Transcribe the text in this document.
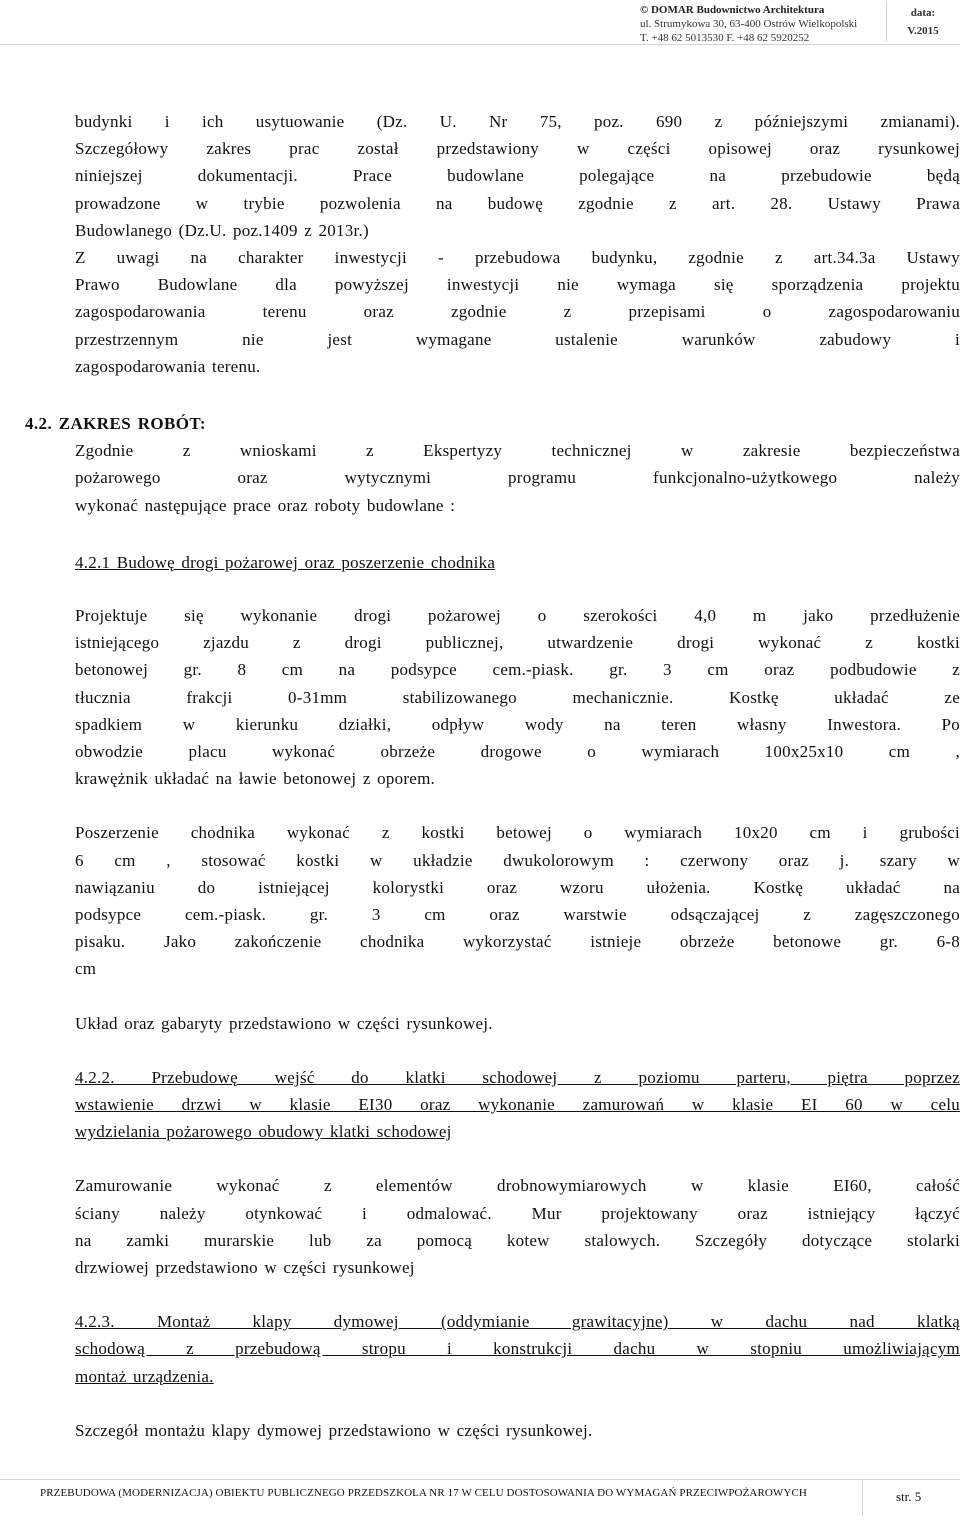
© DOMAR Budownictwo Architektura
ul. Strumykowa 30, 63-400 Ostrów Wielkopolski
T. +48 62 5013530 F. +48 62 5920252
data:
V.2015

budynki i ich usytuowanie (Dz. U. Nr 75, poz. 690 z późniejszymi zmianami).

Szczegółowy zakres prac został przedstawiony w części opisowej oraz rysunkowej

niniejszej dokumentacji. Prace budowlane polegające na przebudowie będą

prowadzone w trybie pozwolenia na budowę zgodnie z art. 28. Ustawy Prawa

Budowlanego (Dz.U. poz.1409 z 2013r.)

Z uwagi na charakter inwestycji - przebudowa budynku, zgodnie z art.34.3a Ustawy

Prawo Budowlane dla powyższej inwestycji nie wymaga się sporządzenia projektu

zagospodarowania terenu oraz zgodnie z przepisami o zagospodarowaniu

przestrzennym nie jest wymagane ustalenie warunków zabudowy i

zagospodarowania terenu.

4.2. ZAKRES ROBÓT:

Zgodnie z wnioskami z Ekspertyzy technicznej w zakresie bezpieczeństwa

pożarowego oraz wytycznymi programu funkcjonalno-użytkowego należy

wykonać następujące prace oraz roboty budowlane :

4.2.1 Budowę drogi pożarowej oraz poszerzenie chodnika

Projektuje się wykonanie drogi pożarowej o szerokości 4,0 m jako przedłużenie

istniejącego zjazdu z drogi publicznej, utwardzenie drogi wykonać z kostki

betonowej gr. 8 cm na podsypce cem.-piask. gr. 3 cm oraz podbudowie z

tłucznia frakcji 0-31mm stabilizowanego mechanicznie. Kostkę układać ze

spadkiem w kierunku działki, odpływ wody na teren własny Inwestora. Po

obwodzie placu wykonać obrzeże drogowe o wymiarach 100x25x10 cm ,

krawężnik układać na ławie betonowej z oporem.

Poszerzenie chodnika wykonać z kostki betowej o wymiarach 10x20 cm i grubości

6 cm , stosować kostki w układzie dwukolorowym : czerwony oraz j. szary w

nawiązaniu do istniejącej kolorystki oraz wzoru ułożenia. Kostkę układać na

podsypce cem.-piask. gr. 3 cm oraz warstwie odsączającej z zagęszczonego

pisaku. Jako zakończenie chodnika wykorzystać istnieje obrzeże betonowe gr. 6-8

cm

Układ oraz gabaryty przedstawiono w części rysunkowej.

4.2.2. Przebudowę wejść do klatki schodowej z poziomu parteru, piętra poprzez

wstawienie drzwi w klasie EI30 oraz wykonanie zamurowań w klasie EI 60 w celu

wydzielania pożarowego obudowy klatki schodowej

Zamurowanie wykonać z elementów drobnowymiarowych w klasie EI60, całość

ściany należy otynkować i odmalować. Mur projektowany oraz istniejący łączyć

na zamki murarskie lub za pomocą kotew stalowych. Szczegóły dotyczące stolarki

drzwiowej przedstawiono w części rysunkowej

4.2.3. Montaż klapy dymowej (oddymianie grawitacyjne) w dachu nad klatką

schodową z przebudową stropu i konstrukcji dachu w stopniu umożliwiającym

montaż urządzenia.

Szczegół montażu klapy dymowej przedstawiono w części rysunkowej.

PRZEBUDOWA (MODERNIZACJA) OBIEKTU PUBLICZNEGO PRZEDSZKOLA NR 17 W CELU DOSTOSOWANIA DO WYMAGAŃ PRZECIWPOŻAROWYCH	str. 5
